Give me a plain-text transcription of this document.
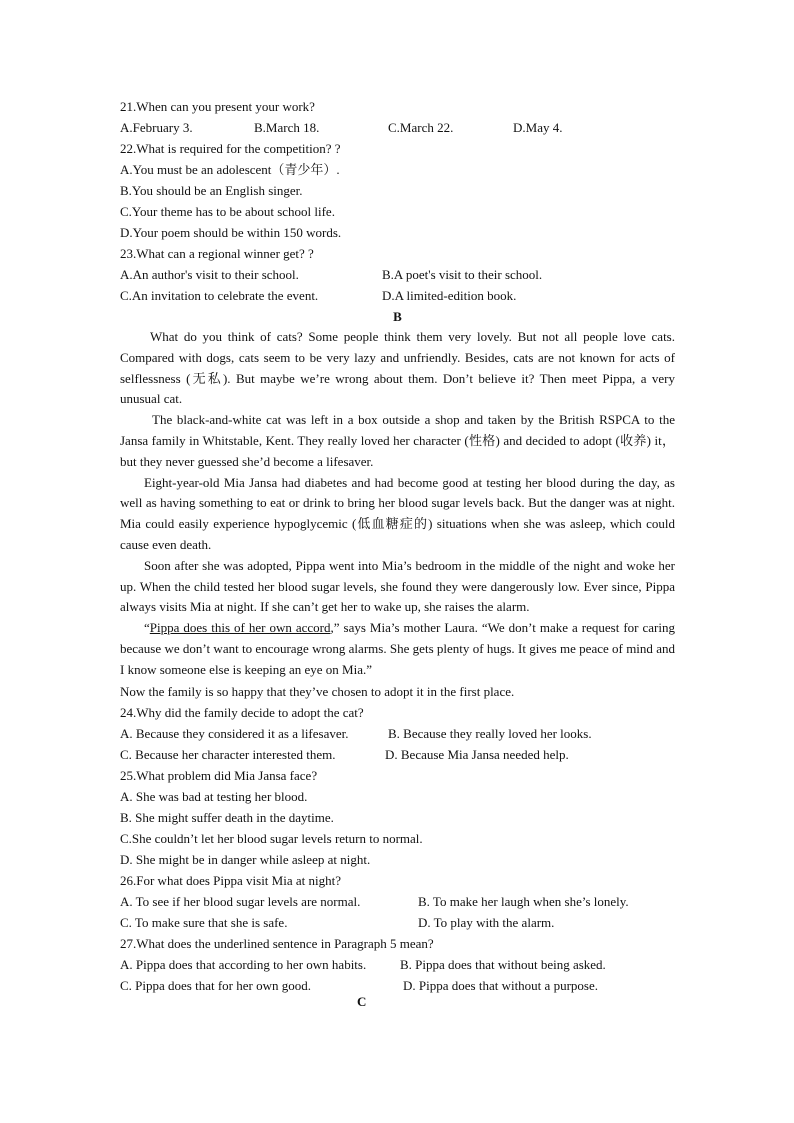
21.When can you present your work?
A.February 3.	B.March 18.	C.March 22.	D.May 4.
22.What is required for the competition? ?
A.You must be an adolescent（青少年）.
B.You should be an English singer.
C.Your theme has to be about school life.
D.Your poem should be within 150 words.
23.What can a regional winner get? ?
A.An author's visit to their school.	B.A poet's visit to their school.
C.An invitation to celebrate the event.	D.A limited-edition book.
B
What do you think of cats? Some people think them very lovely. But not all people love cats. Compared with dogs, cats seem to be very lazy and unfriendly. Besides, cats are not known for acts of selflessness (无私). But maybe we’re wrong about them. Don’t believe it? Then meet Pippa, a very unusual cat.
The black-and-white cat was left in a box outside a shop and taken by the British RSPCA to the Jansa family in Whitstable, Kent. They really loved her character (性格) and decided to adopt (收养) it，but they never guessed she’d become a lifesaver.
Eight-year-old Mia Jansa had diabetes and had become good at testing her blood during the day, as well as having something to eat or drink to bring her blood sugar levels back. But the danger was at night. Mia could easily experience hypoglycemic (低血糖症的) situations when she was asleep, which could cause even death.
Soon after she was adopted, Pippa went into Mia’s bedroom in the middle of the night and woke her up. When the child tested her blood sugar levels, she found they were dangerously low. Ever since, Pippa always visits Mia at night. If she can’t get her to wake up, she raises the alarm.
“Pippa does this of her own accord,” says Mia’s mother Laura. “We don’t make a request for caring because we don’t want to encourage wrong alarms. She gets plenty of hugs. It gives me peace of mind and I know someone else is keeping an eye on Mia.”
Now the family is so happy that they’ve chosen to adopt it in the first place.
24.Why did the family decide to adopt the cat?
A. Because they considered it as a lifesaver.	B. Because they really loved her looks.
C. Because her character interested them.	D. Because Mia Jansa needed help.
25.What problem did Mia Jansa face?
A. She was bad at testing her blood.
B. She might suffer death in the daytime.
C.She couldn’t let her blood sugar levels return to normal.
D. She might be in danger while asleep at night.
26.For what does Pippa visit Mia at night?
A. To see if her blood sugar levels are normal.	B. To make her laugh when she’s lonely.
C. To make sure that she is safe.	D. To play with the alarm.
27.What does the underlined sentence in Paragraph 5 mean?
A. Pippa does that according to her own habits.	B. Pippa does that without being asked.
C. Pippa does that for her own good.	D. Pippa does that without a purpose.
C
